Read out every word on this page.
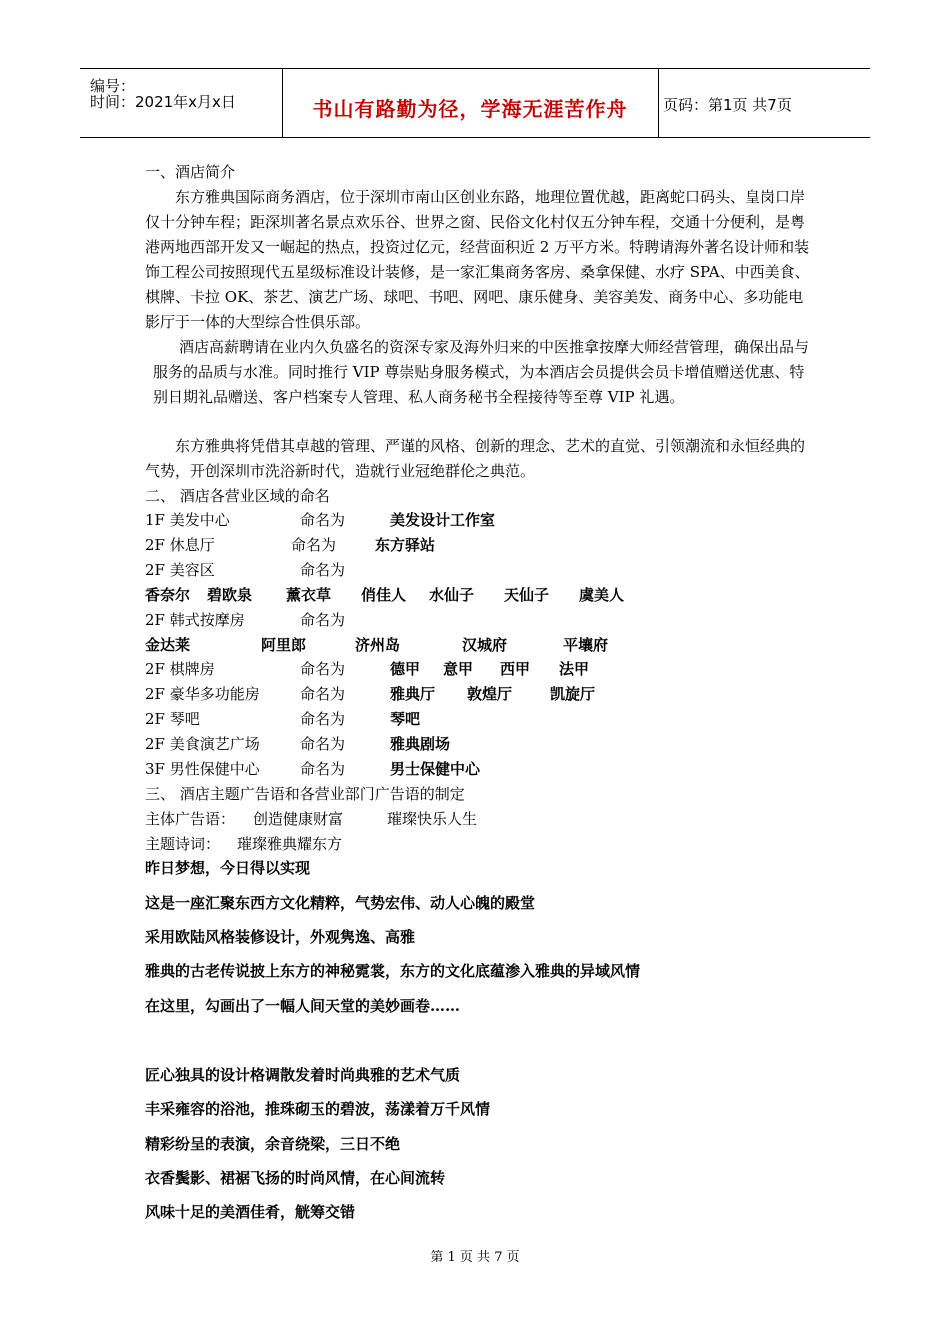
编号：
时间：2021年x月x日	书山有路勤为径，学海无涯苦作舟	页码：第1页 共7页
一、酒店简介
东方雅典国际商务酒店，位于深圳市南山区创业东路，地理位置优越，距离蛇口码头、皇岗口岸仅十分钟车程；距深圳著名景点欢乐谷、世界之窗、民俗文化村仅五分钟车程，交通十分便利，是粤港两地西部开发又一崛起的热点，投资过亿元，经营面积近 2 万平方米。特聘请海外著名设计师和装饰工程公司按照现代五星级标准设计装修，是一家汇集商务客房、桑拿保健、水疗 SPA、中西美食、棋牌、卡拉 OK、茶艺、演艺广场、球吧、书吧、网吧、康乐健身、美容美发、商务中心、多功能电影厅于一体的大型综合性俱乐部。
酒店高薪聘请在业内久负盛名的资深专家及海外归来的中医推拿按摩大师经营管理，确保出品与服务的品质与水准。同时推行 VIP 尊崇贴身服务模式，为本酒店会员提供会员卡增值赠送优惠、特别日期礼品赠送、客户档案专人管理、私人商务秘书全程接待等至尊 VIP 礼遇。
东方雅典将凭借其卓越的管理、严谨的风格、创新的理念、艺术的直觉、引领潮流和永恒经典的气势，开创深圳市洗浴新时代，造就行业冠绝群伦之典范。
二、 酒店各营业区域的命名
1F 美发中心	命名为	美发设计工作室
2F 休息厅	命名为	东方驿站
2F 美容区	命名为
香奈尔 碧欧泉 薰衣草 俏佳人 水仙子 天仙子 虞美人
2F 韩式按摩房	命名为
金达莱	阿里郎	济州岛	汉城府	平壤府
2F 棋牌房	命名为	德甲 意甲 西甲 法甲
2F 豪华多功能房	命名为	雅典厅 敦煌厅	凯旋厅
2F 琴吧	命名为	琴吧
2F 美食演艺广场	命名为	雅典剧场
3F 男性保健中心	命名为	男士保健中心
三、 酒店主题广告语和各营业部门广告语的制定
主体广告语： 创造健康财富	璀璨快乐人生
主题诗词： 璀璨雅典耀东方
昨日梦想，今日得以实现
这是一座汇聚东西方文化精粹，气势宏伟、动人心魄的殿堂
采用欧陆风格装修设计，外观隽逸、高雅
雅典的古老传说披上东方的神秘霓裳，东方的文化底蕴渗入雅典的异域风情
在这里，勾画出了一幅人间天堂的美妙画卷……
匠心独具的设计格调散发着时尚典雅的艺术气质
丰采雍容的浴池，推珠砌玉的碧波，荡漾着万千风情
精彩纷呈的表演，余音绕梁，三日不绝
衣香鬓影、裙裾飞扬的时尚风情，在心间流转
风味十足的美酒佳肴，觥筹交错
第 1 页 共 7 页
